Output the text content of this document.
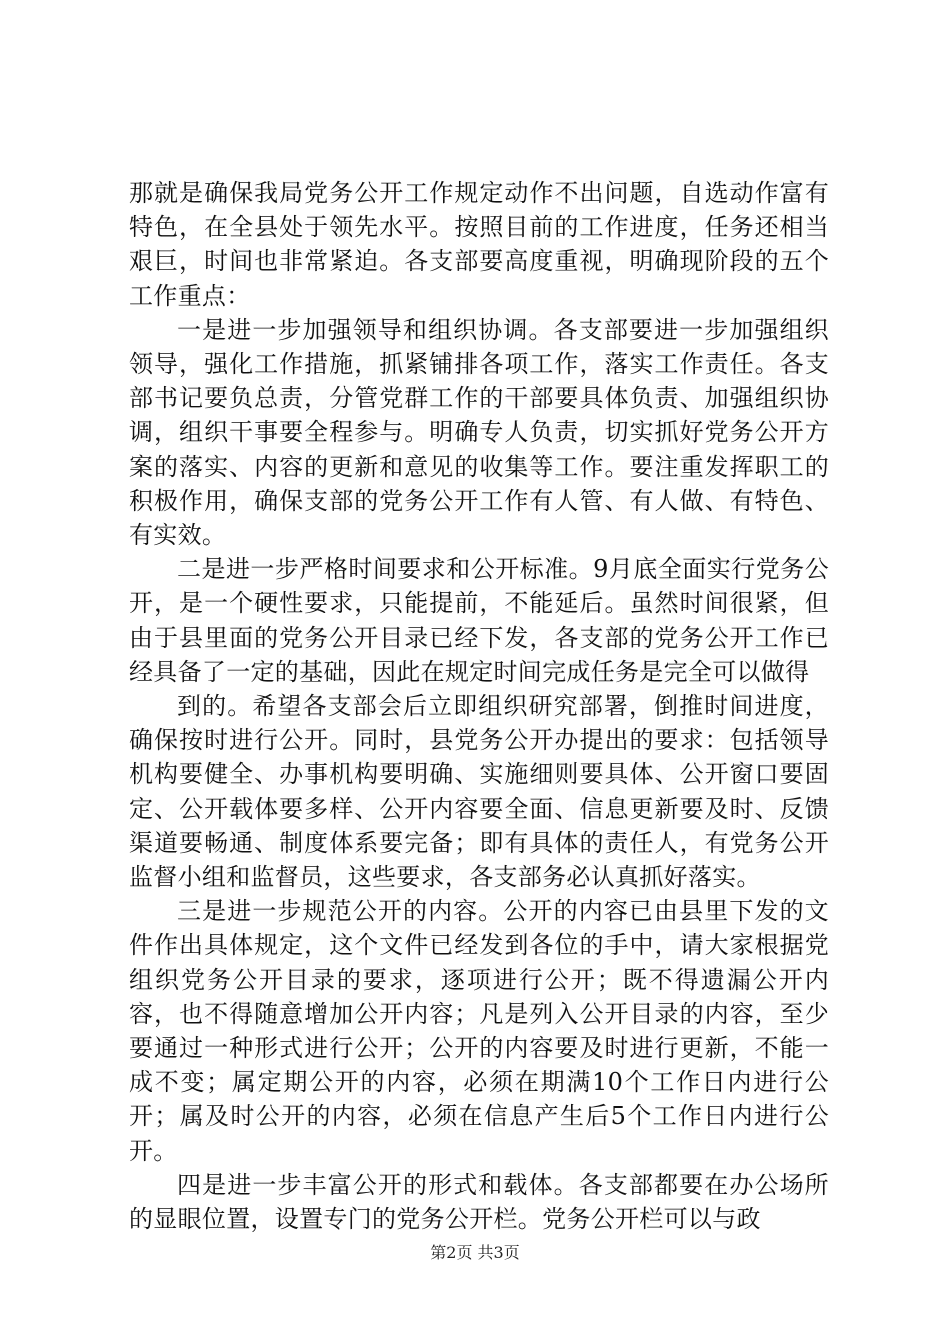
那就是确保我局党务公开工作规定动作不出问题，自选动作富有特色，在全县处于领先水平。按照目前的工作进度，任务还相当艰巨，时间也非常紧迫。各支部要高度重视，明确现阶段的五个工作重点：

一是进一步加强领导和组织协调。各支部要进一步加强组织领导，强化工作措施，抓紧铺排各项工作，落实工作责任。各支部书记要负总责，分管党群工作的干部要具体负责、加强组织协调，组织干事要全程参与。明确专人负责，切实抓好党务公开方案的落实、内容的更新和意见的收集等工作。要注重发挥职工的积极作用，确保支部的党务公开工作有人管、有人做、有特色、有实效。

二是进一步严格时间要求和公开标准。9月底全面实行党务公开，是一个硬性要求，只能提前，不能延后。虽然时间很紧，但由于县里面的党务公开目录已经下发，各支部的党务公开工作已经具备了一定的基础，因此在规定时间完成任务是完全可以做得

到的。希望各支部会后立即组织研究部署，倒推时间进度，确保按时进行公开。同时，县党务公开办提出的要求：包括领导机构要健全、办事机构要明确、实施细则要具体、公开窗口要固定、公开载体要多样、公开内容要全面、信息更新要及时、反馈渠道要畅通、制度体系要完备；即有具体的责任人，有党务公开监督小组和监督员，这些要求，各支部务必认真抓好落实。

三是进一步规范公开的内容。公开的内容已由县里下发的文件作出具体规定，这个文件已经发到各位的手中，请大家根据党组织党务公开目录的要求，逐项进行公开；既不得遗漏公开内容，也不得随意增加公开内容；凡是列入公开目录的内容，至少要通过一种形式进行公开；公开的内容要及时进行更新，不能一成不变；属定期公开的内容，必须在期满10个工作日内进行公开；属及时公开的内容，必须在信息产生后5个工作日内进行公开。

四是进一步丰富公开的形式和载体。各支部都要在办公场所的显眼位置，设置专门的党务公开栏。党务公开栏可以与政

第2页 共3页
